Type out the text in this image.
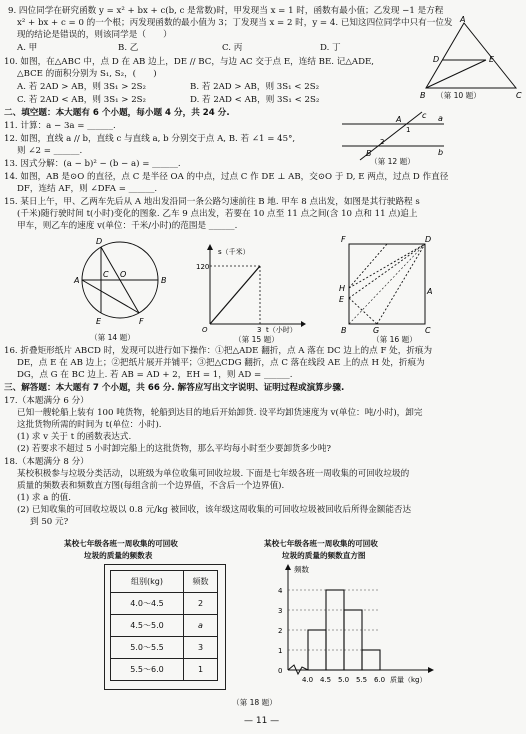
9. 四位同学在研究函数 y = x² + bx + c(b, c 是常数)时，甲发现当 x = 1 时，函数有最小值；乙发现 −1 是方程
x² + bx + c = 0 的一个根；丙发现函数的最小值为 3；丁发现当 x = 2 时，y = 4. 已知这四位同学中只有一位发
现的结论是错误的，则该同学是（　　）
A. 甲	B. 乙	C. 丙	D. 丁
A
D	E
B	C
（第 10 题）
10. 如图，在△ABC 中，点 D 在 AB 边上，DE // BC，与边 AC 交于点 E，连结 BE. 记△ADE,
△BCE 的面积分别为 S₁, S₂，(　　)
A. 若 2AD > AB，则 3S₁ > 2S₂	B. 若 2AD > AB，则 3S₁ < 2S₂
C. 若 2AD < AB，则 3S₁ > 2S₂	D. 若 2AD < AB，则 3S₁ < 2S₂
二、填空题：本大题有 6 个小题，每小题 4 分，共 24 分.
11. 计算：a − 3a = ______.
12. 如图，直线 a // b，直线 c 与直线 a, b 分别交于点 A, B. 若 ∠1 = 45°,
则 ∠2 = ______.
a
b
c
A
B
1
2
（第 12 题）
13. 因式分解：(a − b)² − (b − a) = ______.
14. 如图，AB 是⊙O 的直径，点 C 是半径 OA 的中点，过点 C 作 DE ⊥ AB，交⊙O 于 D, E 两点，过点 D 作直径
DF，连结 AF，则 ∠DFA = ______.
15. 某日上午，甲、乙两车先后从 A 地出发沿同一条公路匀速前往 B 地. 甲车 8 点出发，如图是其行驶路程 s
(千米)随行驶时间 t(小时)变化的图象. 乙车 9 点出发，若要在 10 点至 11 点之间(含 10 点和 11 点)追上
甲车，则乙车的速度 v(单位：千米/小时)的范围是 ______.
D
A	B
C O
E	F
（第 14 题）
s（千米）
120
O	3 t（小时）
（第 15 题）
D
F
H
E
B	G	C
A
（第 16 题）
16. 折叠矩形纸片 ABCD 时，发现可以进行如下操作：①把△ADE 翻折，点 A 落在 DC 边上的点 F 处，折痕为
DE，点 E 在 AB 边上；②把纸片展开并铺平；③把△CDG 翻折，点 C 落在线段 AE 上的点 H 处，折痕为
DG，点 G 在 BC 边上. 若 AB = AD + 2，EH = 1，则 AD = ______.
三、解答题：本大题有 7 个小题，共 66 分. 解答应写出文字说明、证明过程或演算步骤.
17.（本题满分 6 分）
已知一艘轮船上装有 100 吨货物，轮船到达目的地后开始卸货. 设平均卸货速度为 v(单位：吨/小时)，卸完
这批货物所需的时间为 t(单位：小时).
(1) 求 v 关于 t 的函数表达式.
(2) 若要求不超过 5 小时卸完船上的这批货物，那么平均每小时至少要卸货多少吨?
18.（本题满分 8 分）
某校积极参与垃圾分类活动，以班级为单位收集可回收垃圾. 下面是七年级各班一周收集的可回收垃圾的
质量的频数表和频数直方图(每组含前一个边界值，不含后一个边界值).
(1) 求 a 的值.
(2) 已知收集的可回收垃圾以 0.8 元/kg 被回收，该年级这周收集的可回收垃圾被回收后所得金额能否达
到 50 元?
某校七年级各班一周收集的可回收
垃圾的质量的频数表
组别(kg)	频数
4.0～4.5	2
4.5～5.0	a
5.0～5.5	3
5.5～6.0	1
某校七年级各班一周收集的可回收
垃圾的质量的频数直方图
1
2
3
4
0
4.0 4.5 5.0 5.5 6.0
频数
质量（kg）
（第 18 题）
— 11 —
